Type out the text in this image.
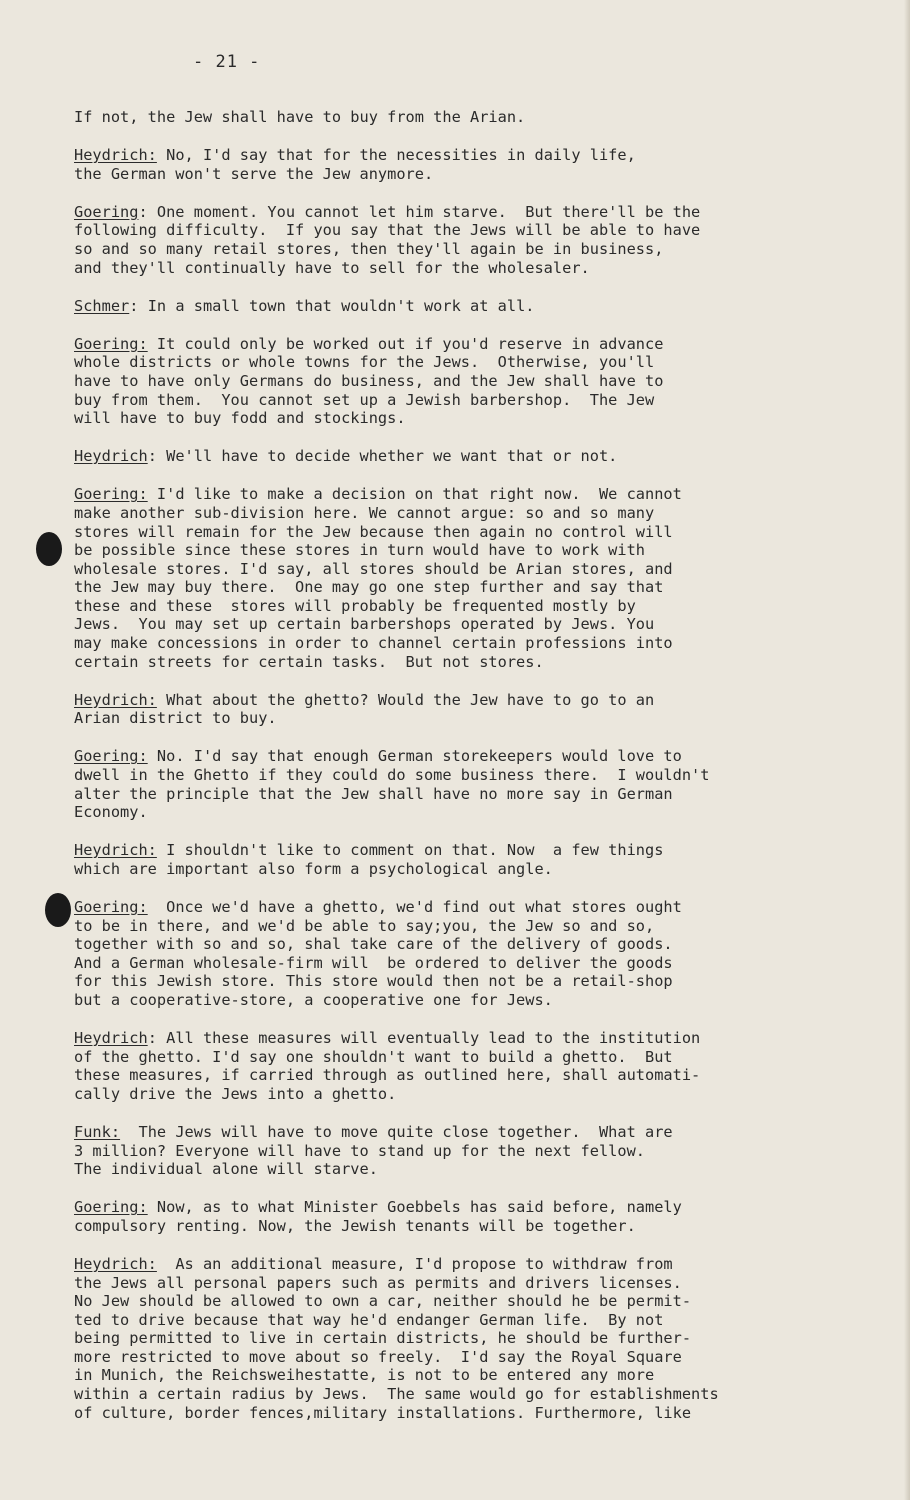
- 21 -

If not, the Jew shall have to buy from the Arian.

Heydrich: No, I'd say that for the necessities in daily life,
the German won't serve the Jew anymore.

Goering: One moment. You cannot let him starve.  But there'll be the
following difficulty.  If you say that the Jews will be able to have
so and so many retail stores, then they'll again be in business,
and they'll continually have to sell for the wholesaler.

Schmer: In a small town that wouldn't work at all.

Goering: It could only be worked out if you'd reserve in advance
whole districts or whole towns for the Jews.  Otherwise, you'll
have to have only Germans do business, and the Jew shall have to
buy from them.  You cannot set up a Jewish barbershop.  The Jew
will have to buy fodd and stockings.

Heydrich: We'll have to decide whether we want that or not.

Goering: I'd like to make a decision on that right now.  We cannot
make another sub-division here. We cannot argue: so and so many
stores will remain for the Jew because then again no control will
be possible since these stores in turn would have to work with
wholesale stores. I'd say, all stores should be Arian stores, and
the Jew may buy there.  One may go one step further and say that
these and these  stores will probably be frequented mostly by
Jews.  You may set up certain barbershops operated by Jews. You
may make concessions in order to channel certain professions into
certain streets for certain tasks.  But not stores.

Heydrich: What about the ghetto? Would the Jew have to go to an
Arian district to buy.

Goering: No. I'd say that enough German storekeepers would love to
dwell in the Ghetto if they could do some business there.  I wouldn't
alter the principle that the Jew shall have no more say in German
Economy.

Heydrich: I shouldn't like to comment on that. Now  a few things
which are important also form a psychological angle.

Goering: Once we'd have a ghetto, we'd find out what stores ought
to be in there, and we'd be able to say;you, the Jew so and so,
together with so and so, shal take care of the delivery of goods.
And a German wholesale-firm will  be ordered to deliver the goods
for this Jewish store. This store would then not be a retail-shop
but a cooperative-store, a cooperative one for Jews.

Heydrich: All these measures will eventually lead to the institution
of the ghetto. I'd say one shouldn't want to build a ghetto.  But
these measures, if carried through as outlined here, shall automati-
cally drive the Jews into a ghetto.

Funk: The Jews will have to move quite close together.  What are
3 million? Everyone will have to stand up for the next fellow.
The individual alone will starve.

Goering: Now, as to what Minister Goebbels has said before, namely
compulsory renting. Now, the Jewish tenants will be together.

Heydrich: As an additional measure, I'd propose to withdraw from
the Jews all personal papers such as permits and drivers licenses.
No Jew should be allowed to own a car, neither should he be permit-
ted to drive because that way he'd endanger German life.  By not
being permitted to live in certain districts, he should be further-
more restricted to move about so freely.  I'd say the Royal Square
in Munich, the Reichsweihestatte, is not to be entered any more
within a certain radius by Jews.  The same would go for establishments
of culture, border fences,military installations. Furthermore, like
